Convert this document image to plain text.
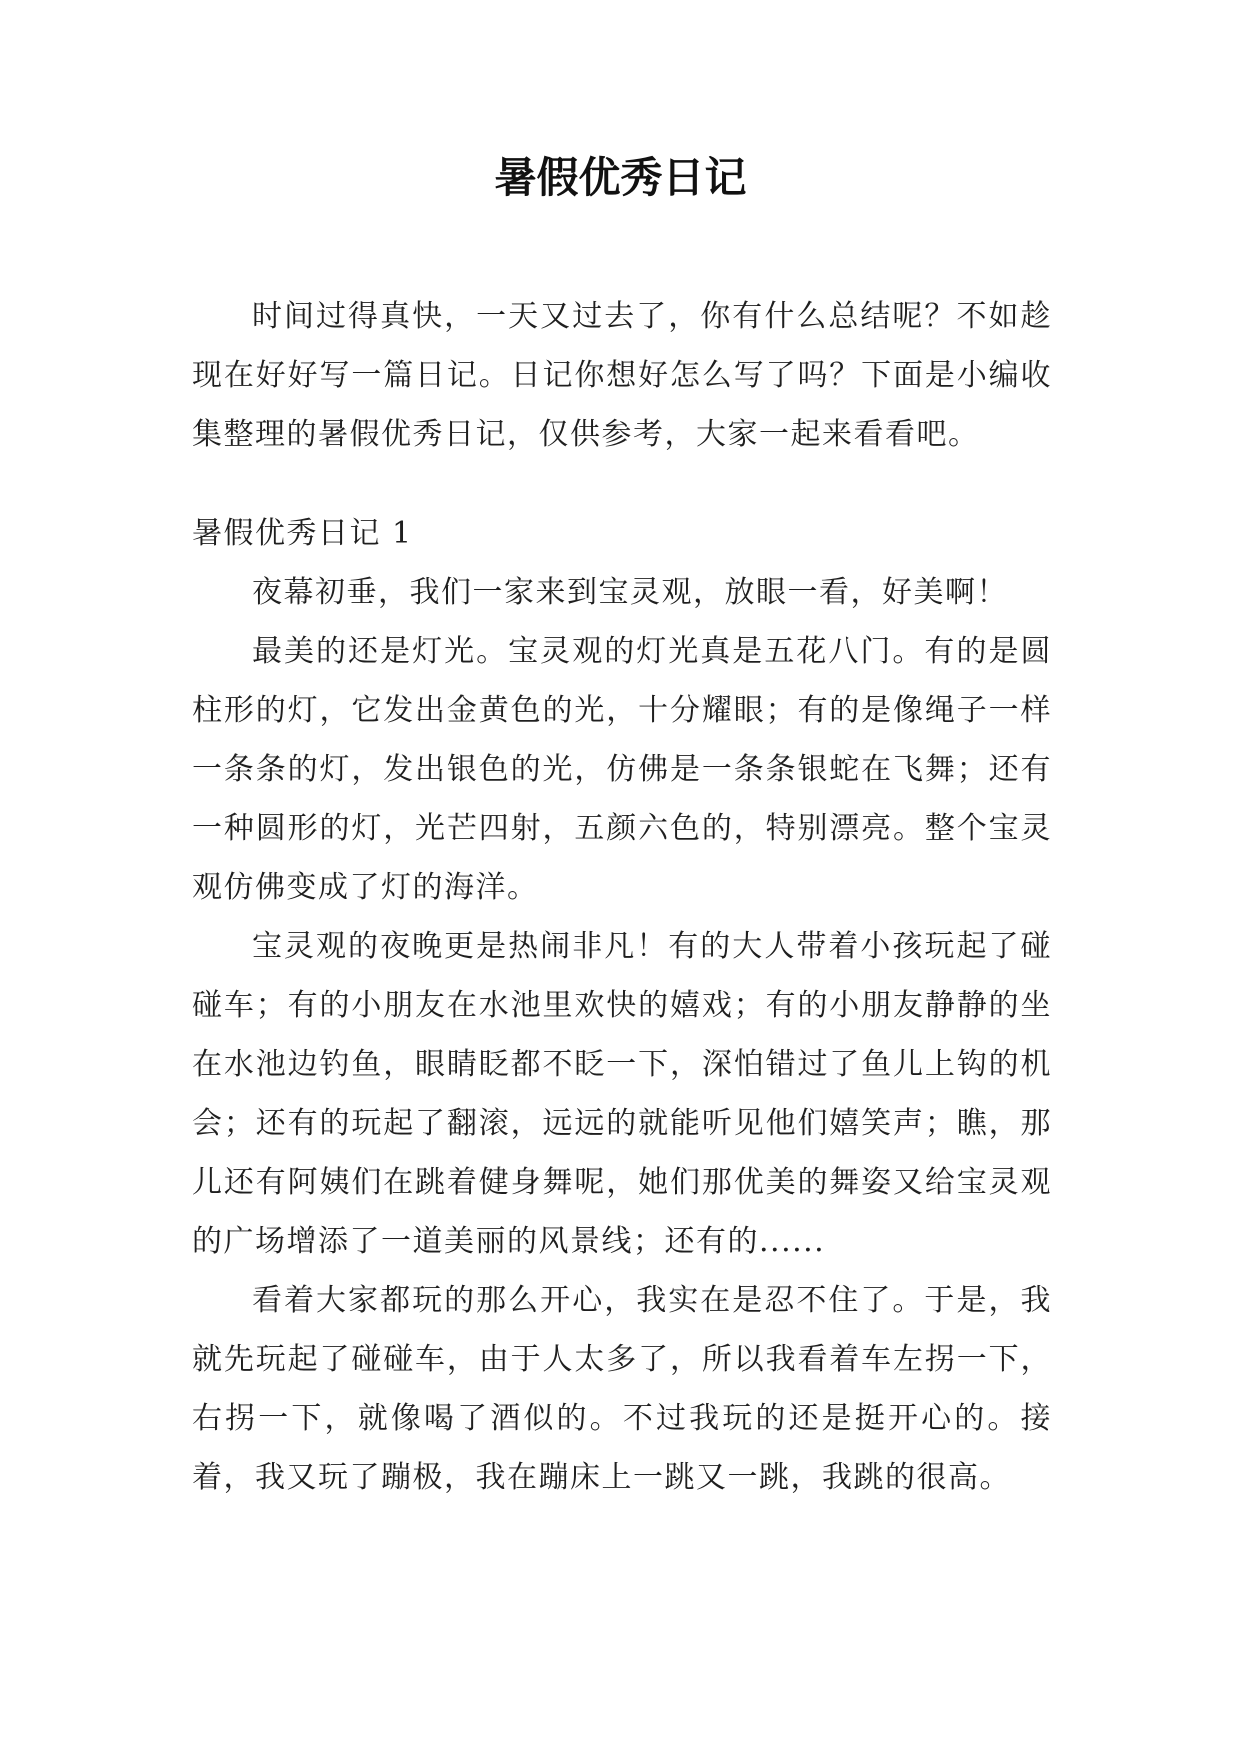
暑假优秀日记

时间过得真快，一天又过去了，你有什么总结呢？不如趁现在好好写一篇日记。日记你想好怎么写了吗？下面是小编收集整理的暑假优秀日记，仅供参考，大家一起来看看吧。

暑假优秀日记 1

夜幕初垂，我们一家来到宝灵观，放眼一看，好美啊！

最美的还是灯光。宝灵观的灯光真是五花八门。有的是圆柱形的灯，它发出金黄色的光，十分耀眼；有的是像绳子一样一条条的灯，发出银色的光，仿佛是一条条银蛇在飞舞；还有一种圆形的灯，光芒四射，五颜六色的，特别漂亮。整个宝灵观仿佛变成了灯的海洋。

宝灵观的夜晚更是热闹非凡！有的大人带着小孩玩起了碰碰车；有的小朋友在水池里欢快的嬉戏；有的小朋友静静的坐在水池边钓鱼，眼睛眨都不眨一下，深怕错过了鱼儿上钩的机会；还有的玩起了翻滚，远远的就能听见他们嬉笑声；瞧，那儿还有阿姨们在跳着健身舞呢，她们那优美的舞姿又给宝灵观的广场增添了一道美丽的风景线；还有的......

看着大家都玩的那么开心，我实在是忍不住了。于是，我就先玩起了碰碰车，由于人太多了，所以我看着车左拐一下，右拐一下，就像喝了酒似的。不过我玩的还是挺开心的。接着，我又玩了蹦极，我在蹦床上一跳又一跳，我跳的很高。
